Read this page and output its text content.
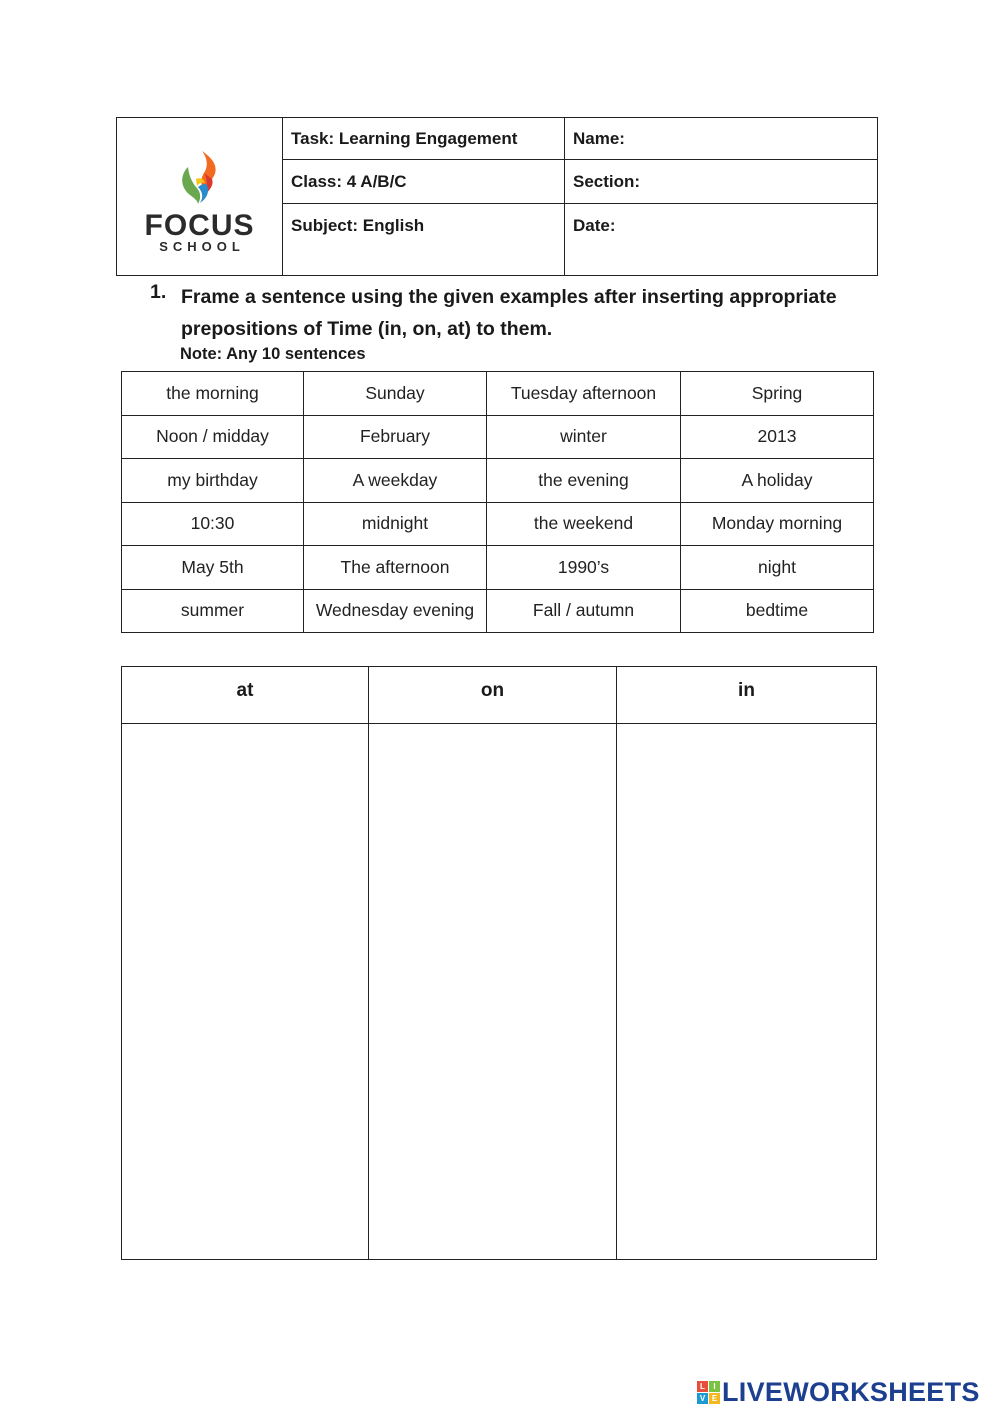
FOCUS
SCHOOL	Task: Learning Engagement	Name:
	Class: 4 A/B/C	Section:
	Subject: English	Date:
1. Frame a sentence using the given examples after inserting appropriate prepositions of Time (in, on, at) to them.
Note: Any 10 sentences
the morning	Sunday	Tuesday afternoon	Spring
Noon / midday	February	winter	2013
my birthday	A weekday	the evening	A holiday
10:30	midnight	the weekend	Monday morning
May 5th	The afternoon	1990’s	night
summer	Wednesday evening	Fall / autumn	bedtime
at	on	in

L	I
V E LIVEWORKSHEETS
